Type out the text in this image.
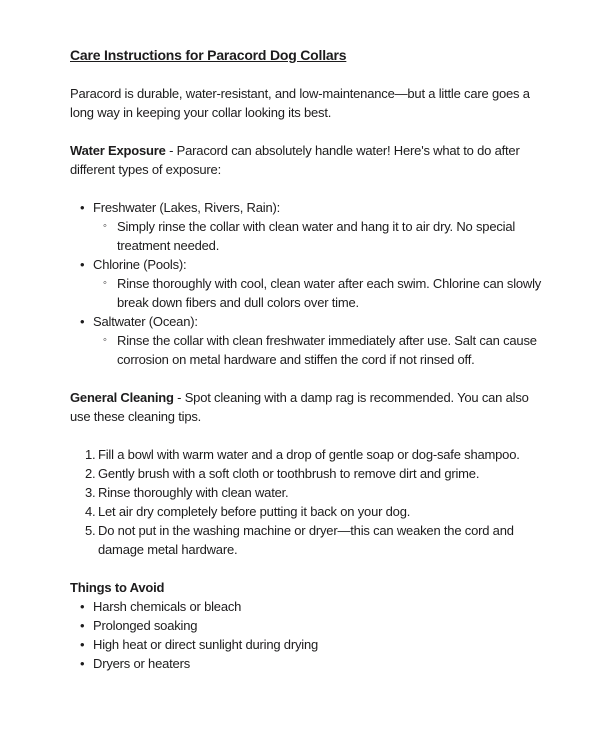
Care Instructions for Paracord Dog Collars

Paracord is durable, water-resistant, and low-maintenance—but a little care goes a long way in keeping your collar looking its best.

Water Exposure - Paracord can absolutely handle water! Here's what to do after different types of exposure:

• Freshwater (Lakes, Rivers, Rain):
◦ Simply rinse the collar with clean water and hang it to air dry. No special treatment needed.
• Chlorine (Pools):
◦ Rinse thoroughly with cool, clean water after each swim. Chlorine can slowly break down fibers and dull colors over time.
• Saltwater (Ocean):
◦ Rinse the collar with clean freshwater immediately after use. Salt can cause corrosion on metal hardware and stiffen the cord if not rinsed off.

General Cleaning - Spot cleaning with a damp rag is recommended. You can also use these cleaning tips.

1. Fill a bowl with warm water and a drop of gentle soap or dog-safe shampoo.
2. Gently brush with a soft cloth or toothbrush to remove dirt and grime.
3. Rinse thoroughly with clean water.
4. Let air dry completely before putting it back on your dog.
5. Do not put in the washing machine or dryer—this can weaken the cord and damage metal hardware.
Things to Avoid
• Harsh chemicals or bleach
• Prolonged soaking
• High heat or direct sunlight during drying
• Dryers or heaters
